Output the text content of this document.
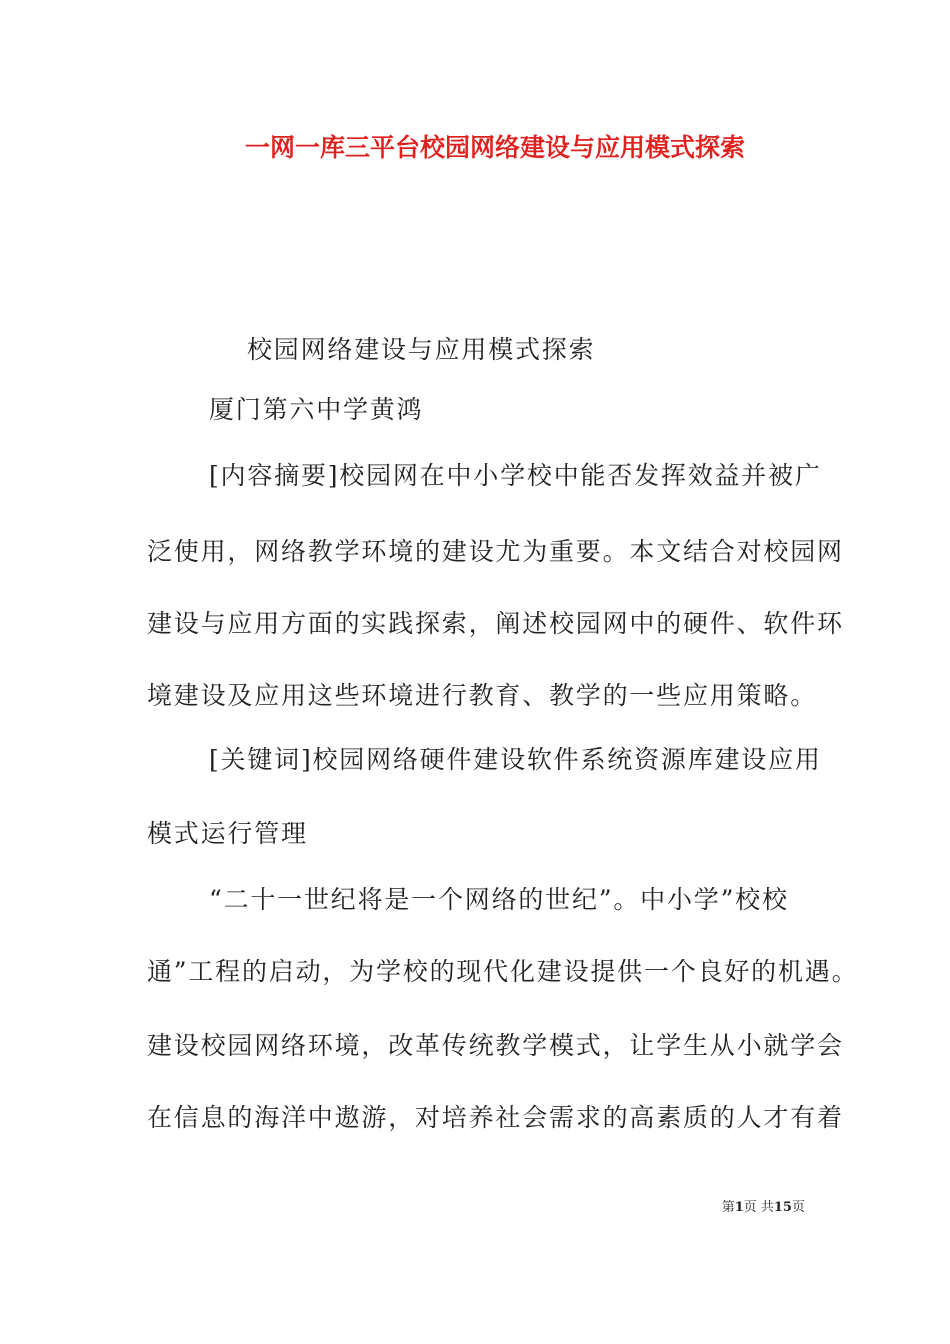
一网一库三平台校园网络建设与应用模式探索
校园网络建设与应用模式探索
厦门第六中学黄鸿
[内容摘要]校园网在中小学校中能否发挥效益并被广
泛使用，网络教学环境的建设尤为重要。本文结合对校园网
建设与应用方面的实践探索，阐述校园网中的硬件、软件环
境建设及应用这些环境进行教育、教学的一些应用策略。
[关键词]校园网络硬件建设软件系统资源库建设应用
模式运行管理
“二十一世纪将是一个网络的世纪”。中小学”校校
通”工程的启动，为学校的现代化建设提供一个良好的机遇。
建设校园网络环境，改革传统教学模式，让学生从小就学会
在信息的海洋中遨游，对培养社会需求的高素质的人才有着
第1页 共15页
